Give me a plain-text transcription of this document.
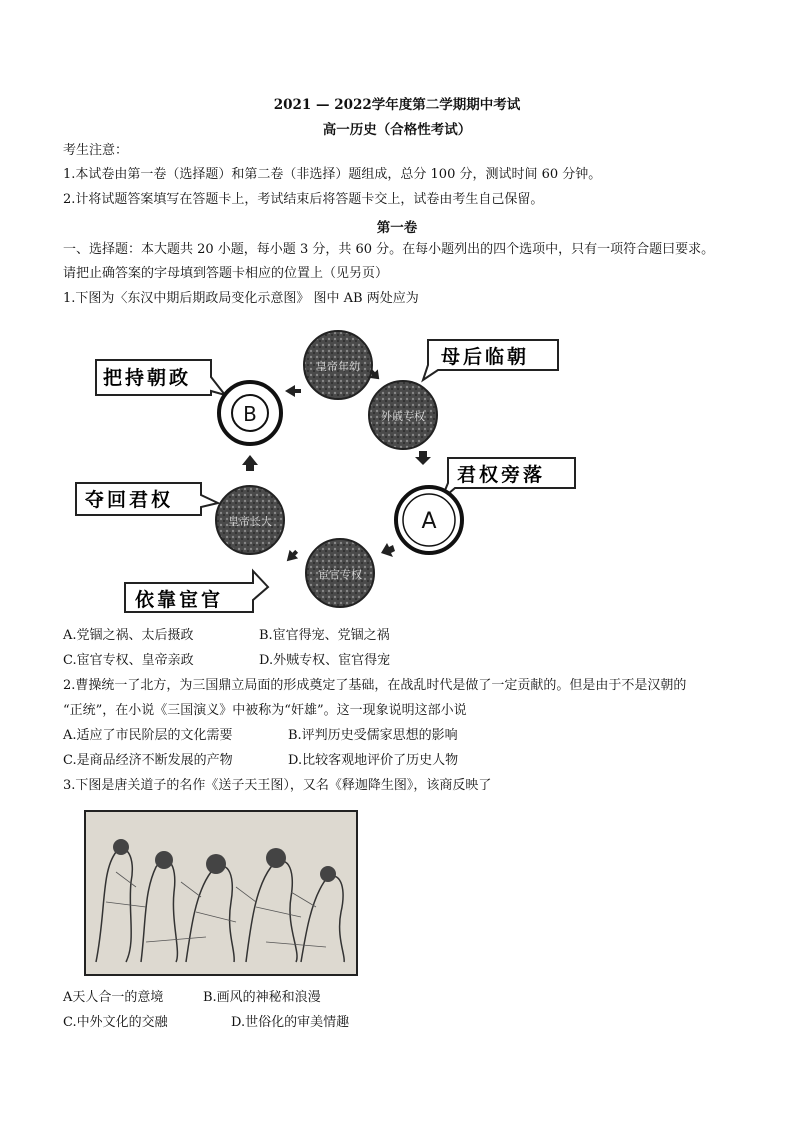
2021 — 2022学年度第二学期期中考试
高一历史（合格性考试）
考生注意：
1.本试卷由第一卷（选择题）和第二卷（非选择）题组成，总分 100 分，测试时间 60 分钟。
2.计将试题答案填写在答题卡上，考试结束后将答题卡交上，试卷由考生自己保留。
第一卷
一、选择题：本大题共 20 小题，每小题 3 分，共 60 分。在每小题列出的四个选项中，只有一项符合题曰要求。
请把止确答案的字母填到答题卡相应的位置上（见另页）
1.下图为〈东汉中期后期政局变化示意图》 图中 AB 两处应为
把持朝政
母后临朝
君权旁落
夺回君权
依靠宦官
皇帝年幼
外戚专权
A
宦官专权
皇帝长大
B
A.党锢之祸、太后摄政	B.宦官得宠、党锢之祸
C.宦官专权、皇帝亲政	D.外贼专权、宦官得宠
2.曹操统一了北方，为三国鼎立局面的形成奠定了基础，在战乱时代是做了一定贡献的。但是由于不是汉朝的
“正统”，在小说《三国演义》中被称为“奸雄”。这一现象说明这部小说
A.适应了市民阶层的文化需要	B.评判历史受儒家思想的影响
C.是商品经济不断发展的产物	D.比较客观地评价了历史人物
3.下图是唐关道子的名作《送子天王图），又名《释迦降生图》，该商反映了
A天人合一的意境	B.画风的神秘和浪漫
C.中外文化的交融	D.世俗化的审美情趣
